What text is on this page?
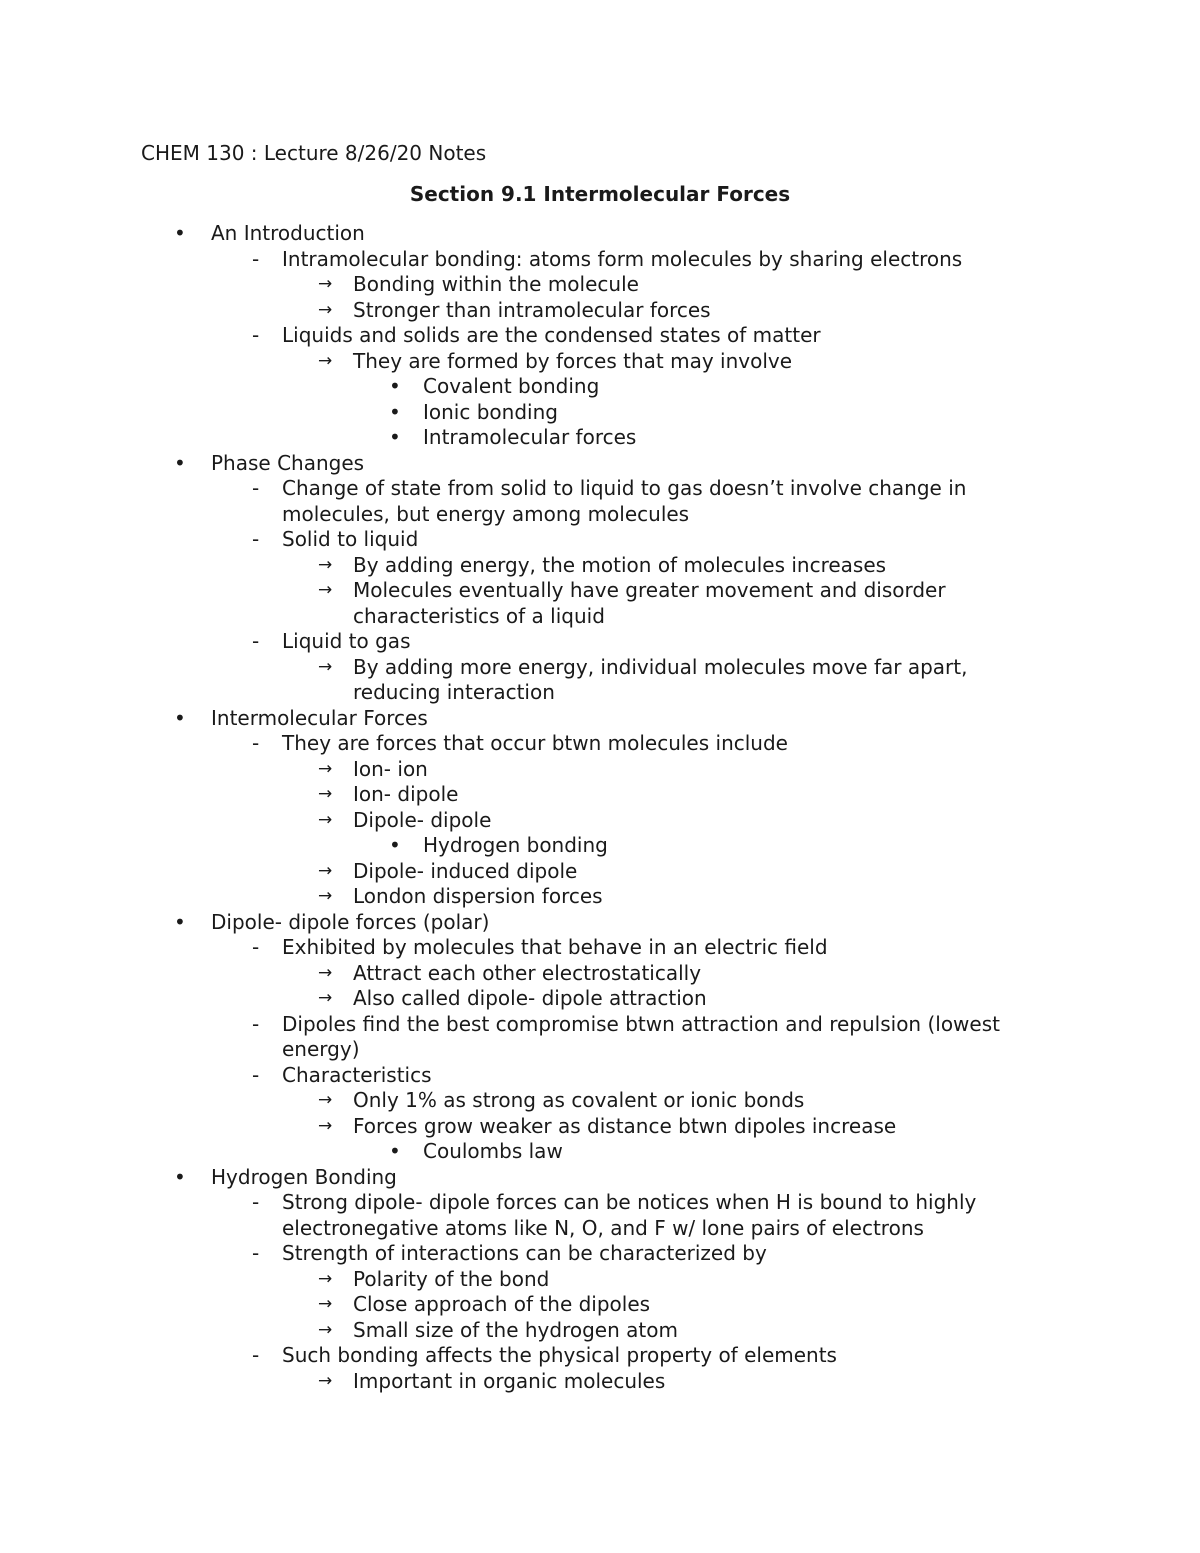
CHEM 130 : Lecture 8/26/20 Notes
Section 9.1 Intermolecular Forces
•	An Introduction
-	Intramolecular bonding: atoms form molecules by sharing electrons
→	Bonding within the molecule
→	Stronger than intramolecular forces
-	Liquids and solids are the condensed states of matter
→	They are formed by forces that may involve
•	Covalent bonding
•	Ionic bonding
•	Intramolecular forces
•	Phase Changes
-	Change of state from solid to liquid to gas doesn’t involve change in
molecules, but energy among molecules
-	Solid to liquid
→	By adding energy, the motion of molecules increases
→	Molecules eventually have greater movement and disorder
characteristics of a liquid
-	Liquid to gas
→	By adding more energy, individual molecules move far apart,
reducing interaction
•	Intermolecular Forces
-	They are forces that occur btwn molecules include
→	Ion- ion
→	Ion- dipole
→	Dipole- dipole
•	Hydrogen bonding
→	Dipole- induced dipole
→	London dispersion forces
•	Dipole- dipole forces (polar)
-	Exhibited by molecules that behave in an electric field
→	Attract each other electrostatically
→	Also called dipole- dipole attraction
-	Dipoles find the best compromise btwn attraction and repulsion (lowest
energy)
-	Characteristics
→	Only 1% as strong as covalent or ionic bonds
→	Forces grow weaker as distance btwn dipoles increase
•	Coulombs law
•	Hydrogen Bonding
-	Strong dipole- dipole forces can be notices when H is bound to highly
electronegative atoms like N, O, and F w/ lone pairs of electrons
-	Strength of interactions can be characterized by
→	Polarity of the bond
→	Close approach of the dipoles
→	Small size of the hydrogen atom
-	Such bonding affects the physical property of elements
→	Important in organic molecules
